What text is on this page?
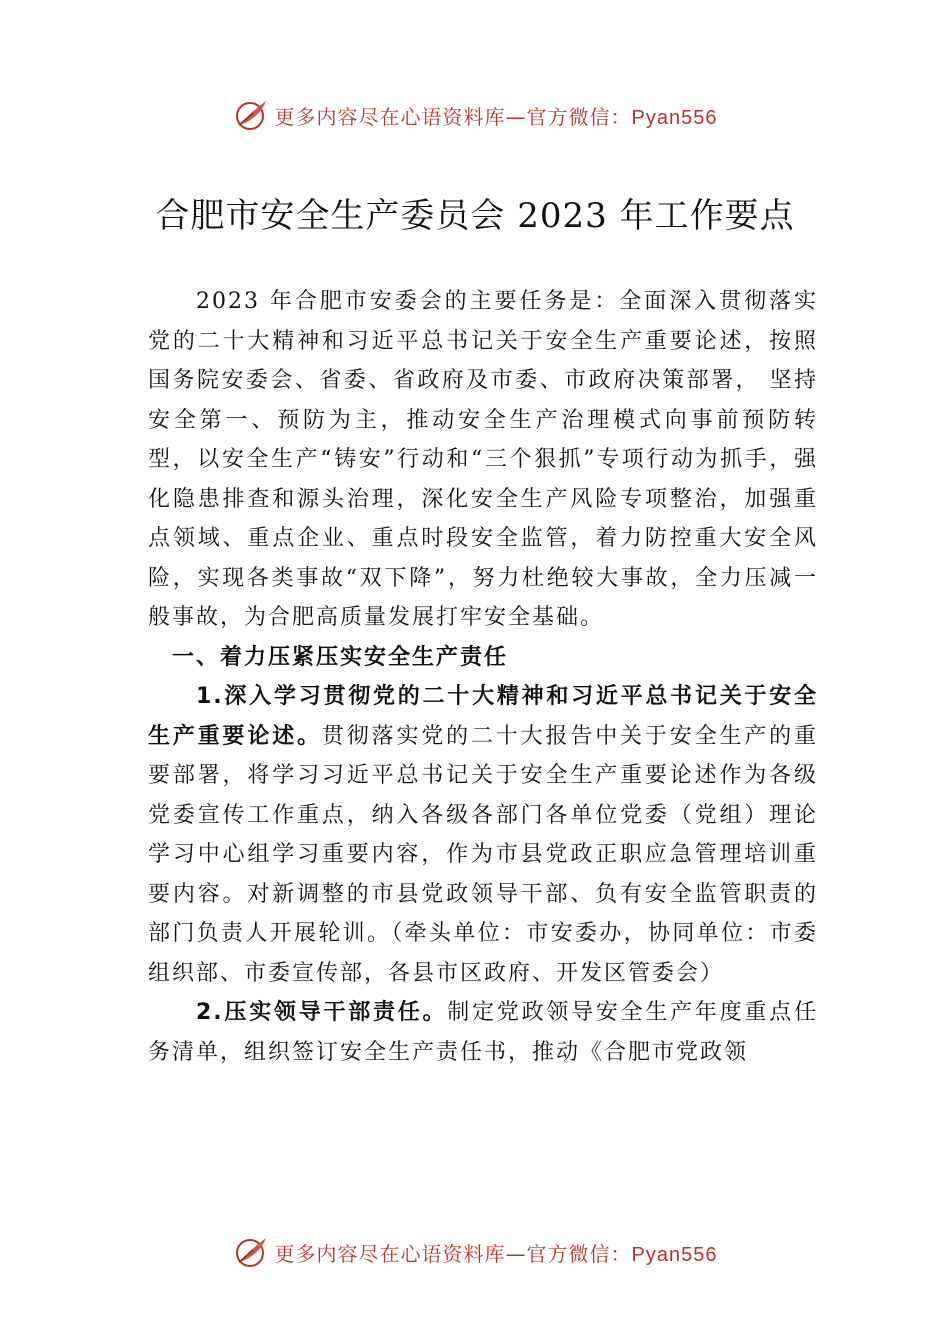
更多内容尽在心语资料库—官方微信：Pyan556
合肥市安全生产委员会 2023 年工作要点

2023 年合肥市安委会的主要任务是：全面深入贯彻落实党的二十大精神和习近平总书记关于安全生产重要论述，按照国务院安委会、省委、省政府及市委、市政府决策部署， 坚持安全第一、预防为主，推动安全生产治理模式向事前预防转型，以安全生产“铸安”行动和“三个狠抓”专项行动为抓手，强化隐患排查和源头治理，深化安全生产风险专项整治，加强重点领域、重点企业、重点时段安全监管，着力防控重大安全风险，实现各类事故“双下降”，努力杜绝较大事故，全力压减一般事故，为合肥高质量发展打牢安全基础。

一、着力压紧压实安全生产责任

1.深入学习贯彻党的二十大精神和习近平总书记关于安全生产重要论述。贯彻落实党的二十大报告中关于安全生产的重要部署，将学习习近平总书记关于安全生产重要论述作为各级党委宣传工作重点，纳入各级各部门各单位党委（党组）理论学习中心组学习重要内容，作为市县党政正职应急管理培训重要内容。对新调整的市县党政领导干部、负有安全监管职责的部门负责人开展轮训。（牵头单位：市安委办，协同单位：市委组织部、市委宣传部，各县市区政府、开发区管委会）

2.压实领导干部责任。制定党政领导安全生产年度重点任务清单，组织签订安全生产责任书，推动《合肥市党政领

更多内容尽在心语资料库—官方微信：Pyan556
